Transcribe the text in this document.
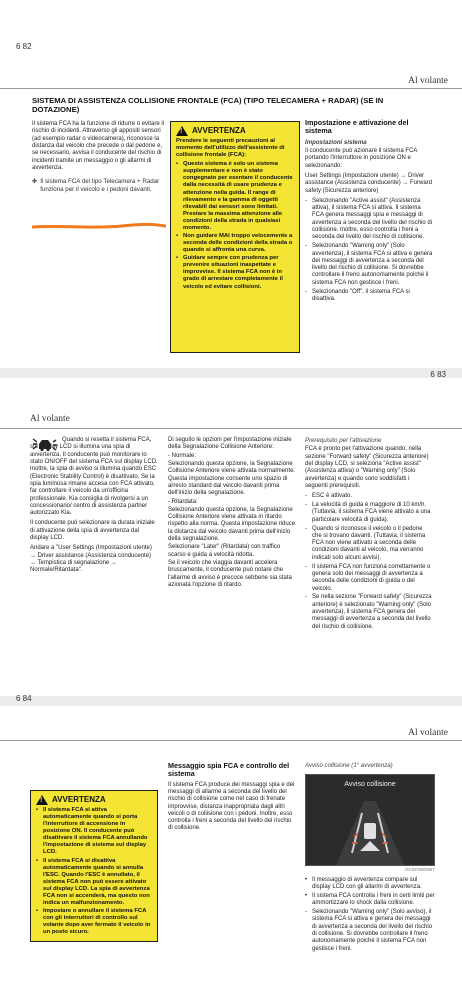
6 82
Al volante
SISTEMA DI ASSISTENZA COLLISIONE FRONTALE (FCA) (TIPO TELECAMERA + RADAR) (SE IN DOTAZIONE)

Il sistema FCA ha la funzione di ridurre o evitare il rischio di incidenti. Attraverso gli appositi sensori (ad esempio radar o videocamera), riconosce la distanza dal veicolo che precede o dal pedone e, se necessario, avvisa il conducente del rischio di incidenti tramite un messaggio o gli allarmi di avvertenza.

✤ Il sistema FCA del tipo Telecamera + Radar funziona per il veicolo e i pedoni davanti.
!
AVVERTENZA

Prendere le seguenti precauzioni al momento dell'utilizzo dell'assistente di collisione frontale (FCA):

• Questo sistema è solo un sistema supplementare e non è stato congegnato per esentare il conducente dalla necessità di usare prudenza e attenzione nella guida. Il range di rilevamento e la gamma di oggetti rilevabili dai sensori sono limitati. Prestare la massima attenzione alle condizioni della strada in qualsiasi momento.
• Non guidare MAI troppo velocemente a seconda delle condizioni della strada o quando si affronta una curva.
• Guidare sempre con prudenza per prevenire situazioni inaspettate e improvvise. Il sistema FCA non è in grado di arrestare completamente il veicolo ed evitare collisioni.
Impostazione e attivazione del sistema
Impostazioni sistema

Il conducente può azionare il sistema FCA portando l'interruttore in posizione ON e selezionando:

User Settings (Impostazioni utente) → Driver assistance (Assistenza conducente) → Forward safety (Sicurezza anteriore)

- Selezionando "Active assist" (Assistenza attiva), il sistema FCA si attiva. Il sistema FCA genera messaggi spia e messaggi di avvertenza a seconda del livello del rischio di collisione. Inoltre, esso controlla i freni a seconda del livello del rischio di collisione.
- Selezionando "Warning only" (Solo avvertenza), il sistema FCA si attiva e genera dei messaggi di avvertenza a seconda del livello del rischio di collisione. Si dovrebbe controllare il freno autonomamente poiché il sistema FCA non gestisce i freni.
- Selezionando "Off", il sistema FCA si disattiva.
6 83
Al volante

Quando si resetta il sistema FCA, sul display LCD si illumina una spia di avvertenza. Il conducente può monitorare lo stato ON/OFF del sistema FCA sul display LCD. Inoltre, la spia di avviso si illumina quando ESC (Electronic Stability Control) è disattivato. Se la spia luminosa rimane accesa con FCA attivato, far controllare il veicolo da un'officina professionale. Kia consiglia di rivolgersi a un concessionario/ centro di assistenza partner autorizzato Kia.

Il conducente può selezionare la durata iniziale di attivazione della spia di avvertenza dal display LCD.

Andare a "User Settings (Impostazioni utente) → Driver assistance (Assistenza conducente) → Tempistica di segnalazione → Normale/Ritardata".

Di seguito le opzioni per l'impostazione iniziale della Segnalazione Collisione Anteriore:

- Normale:

Selezionando questa opzione, la Segnalazione Collisione Anteriore viene attivata normalmente. Questa impostazione consente uno spazio di arresto standard dal veicolo davanti prima dell'inizio della segnalazione.

- Ritardata:

Selezionando questa opzione, la Segnalazione Collisione Anteriore viene attivata in ritardo rispetto alla norma. Questa impostazione riduce la distanza dal veicolo davanti prima dell'inizio della segnalazione.

Selezionare "Later" (Ritardata) con traffico scarso e guida a velocità ridotta.

Se il veicolo che viaggia davanti accelera bruscamente, il conducente può notare che l'allarme di avviso è precoce sebbene sia stata azionata l'opzione di ritardo.

Prerequisito per l'attivazione

FCA è pronto per l'attivazione quando, nella sezione "Forward safety" (Sicurezza anteriore) del display LCD, si seleziona "Active assist" (Assistenza attiva) o "Warning only" (Solo avvertenza) e quando sono soddisfatti i seguenti prerequisiti.

- ESC è attivato.
- La velocità di guida è maggiore di 10 km/h. (Tuttavia, il sistema FCA viene attivato a una particolare velocità di guida).
- Quando si riconosce il veicolo o il pedone che si trovano davanti. (Tuttavia, il sistema FCA non viene attivato a seconda delle condizioni davanti al veicolo, ma verranno indicati solo alcuni avvisi).
- Il sistema FCA non funziona correttamente o genera solo dei messaggi di avvertenza a seconda delle condizioni di guida o del veicolo.
- Se nella sezione "Forward safety" (Sicurezza anteriore) è selezionato "Warning only" (Solo avvertenza), il sistema FCA genera dei messaggi di avvertenza a seconda del livello del rischio di collisione.
6 84
Al volante
!
AVVERTENZA
• Il sistema FCA si attiva automaticamente quando si porta l'interruttore di accensione in posizione ON. Il conducente può disattivare il sistema FCA annullando l'impostazione di sistema sul display LCD.
• Il sistema FCA si disattiva automaticamente quando si annulla l'ESC. Quando l'ESC è annullato, il sistema FCA non può essere attivato sul display LCD. La spia di avvertenza FCA non si accenderà, ma questo non indica un malfunzionamento.
• Impostare o annullare il sistema FCA con gli interruttori di controllo sul volante dopo aver fermato il veicolo in un posto sicuro.
Messaggio spia FCA e controllo del sistema

Il sistema FCA produce dei messaggi spia e dei messaggi di allarme a seconda del livello del rischio di collisione come nel caso di frenate improvvise, distanza inappropriata dagli altri veicoli o di collisione con i pedoni. Inoltre, esso controlla i freni a seconda del livello del rischio di collisione.

Avviso collisione (1° avvertenza)
Avviso collisione
OCDO59009IT
• Il messaggio di avvertenza compare sul display LCD con gli allarmi di avvertenza.
• Il sistema FCA controlla i freni in certi limiti per ammortizzare lo shock dalla collisione.
- Selezionando "Warning only" (Solo avviso), il sistema FCA si attiva e genera dei messaggi di avvertenza a seconda del livello del rischio di collisione. Si dovrebbe controllare il freno autonomamente poiché il sistema FCA non gestisce i freni.
